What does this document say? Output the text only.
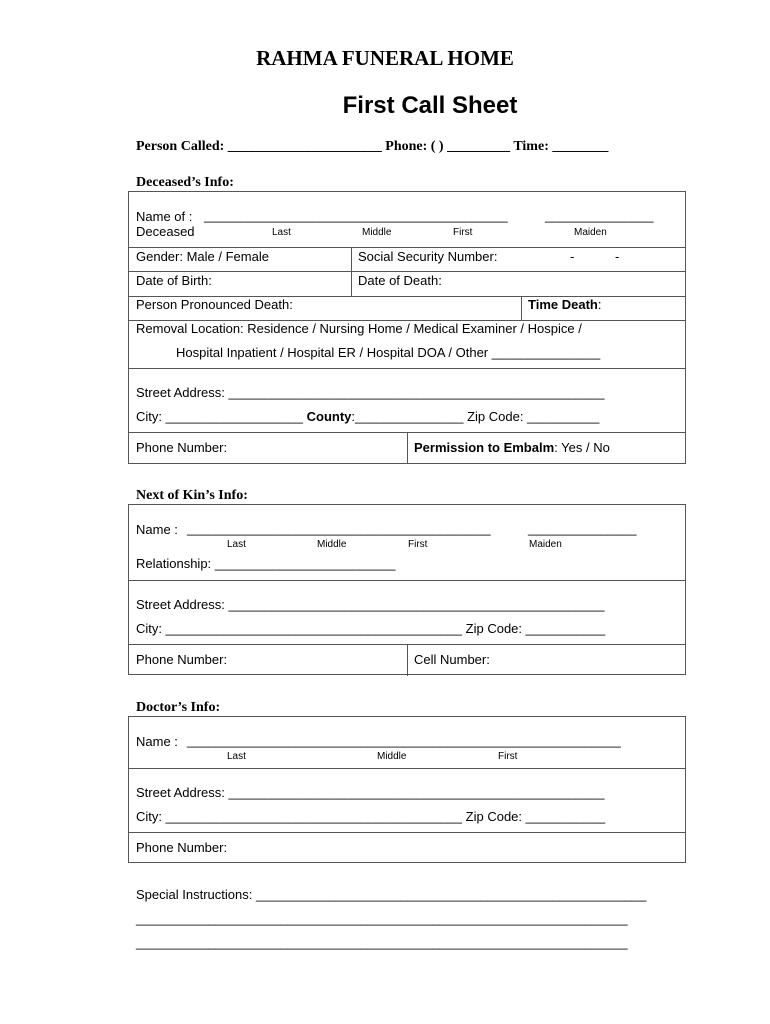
RAHMA FUNERAL HOME
First Call Sheet
Person Called: ______________________ Phone: ( ) _________ Time: ________
Deceased’s Info:
Name of :
Deceased
__________________________________________	_______________
Last	Middle	First	Maiden
Gender: Male / Female	Social Security Number:	-	-
Date of Birth:	Date of Death:
Person Pronounced Death:	Time Death:
Removal Location: Residence / Nursing Home / Medical Examiner / Hospice /
Hospital Inpatient / Hospital ER / Hospital DOA / Other _______________
Street Address: ____________________________________________________
City: ___________________ County:_______________ Zip Code: __________
Phone Number:	Permission to Embalm: Yes / No
Next of Kin’s Info:
Name : __________________________________________	_______________
Last	Middle	First	Maiden
Relationship: _________________________
Street Address: ____________________________________________________
City: _________________________________________ Zip Code: ___________
Phone Number:	Cell Number:
Doctor’s Info:
Name : ____________________________________________________________
Last	Middle	First
Street Address: ____________________________________________________
City: _________________________________________ Zip Code: ___________
Phone Number:
Special Instructions: ______________________________________________________
____________________________________________________________________
____________________________________________________________________
